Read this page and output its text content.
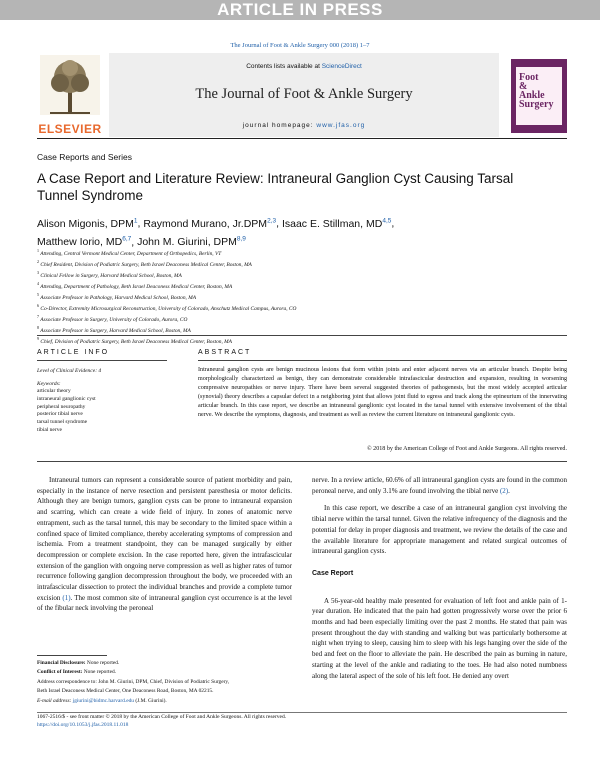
ARTICLE IN PRESS
The Journal of Foot & Ankle Surgery 000 (2018) 1–7
ELSEVIER
Contents lists available at ScienceDirect
The Journal of Foot & Ankle Surgery
journal homepage: www.jfas.org
Foot
&
Ankle
Surgery
Case Reports and Series
A Case Report and Literature Review: Intraneural Ganglion Cyst Causing Tarsal Tunnel Syndrome
Alison Migonis, DPM$^1$, Raymond Murano, Jr.DPM$^{2,3}$, Isaac E. Stillman, MD$^{4,5}$,
Matthew Iorio, MD$^{6,7}$, John M. Giurini, DPM$^{8,9}$
$^1$ Attending, Central Vermont Medical Center, Department of Orthopedics, Berlin, VT
$^2$ Chief Resident, Division of Podiatric Surgery, Beth Israel Deaconess Medical Center, Boston, MA
$^3$ Clinical Fellow in Surgery, Harvard Medical School, Boston, MA
$^4$ Attending, Department of Pathology, Beth Israel Deaconess Medical Center, Boston, MA
$^5$ Associate Professor in Pathology, Harvard Medical School, Boston, MA
$^6$ Co-Director, Extremity Microsurgical Reconstruction, University of Colorado, Anschutz Medical Campus, Aurora, CO
$^7$ Associate Professor in Surgery, University of Colorado, Aurora, CO
$^8$ Associate Professor in Surgery, Harvard Medical School, Boston, MA
$^9$ Chief, Division of Podiatric Surgery, Beth Israel Deaconess Medical Center, Boston, MA
ARTICLE INFO
Level of Clinical Evidence: 4
Keywords:
articular theory
intraneural ganglionic cyst
peripheral neuropathy
posterior tibial nerve
tarsal tunnel syndrome
tibial nerve
ABSTRACT
Intraneural ganglion cysts are benign mucinous lesions that form within joints and enter adjacent nerves via an articular branch. Despite being morphologically characterized as benign, they can demonstrate considerable intrafascicular destruction and expansion, resulting in worsening compressive neuropathies or nerve injury. There have been several suggested theories of pathogenesis, but the most widely accepted articular (synovial) theory describes a capsular defect in a neighboring joint that allows joint fluid to egress and track along the epineurium of the innervating articular branch. In this case report, we describe an intraneural ganglionic cyst located in the tarsal tunnel with extensive involvement of the tibial nerve. We describe the symptoms, diagnosis, and treatment as well as review the current literature on intraneural ganglionic cysts.
© 2018 by the American College of Foot and Ankle Surgeons. All rights reserved.

Intraneural tumors can represent a considerable source of patient morbidity and pain, especially in the instance of nerve resection and persistent paresthesia or motor deficits. Although they are benign tumors, ganglion cysts can be prone to intraneural expansion and scarring, which can create a wide field of injury. In zones of anatomic nerve entrapment, such as the tarsal tunnel, this may be secondary to the limited space within a confined space of limited compliance, thereby accelerating symptoms of compression and ischemia. From a treatment standpoint, they can be managed surgically by either decompression or complete excision. In the case reported here, given the intrafascicular extension of the ganglion with ongoing nerve compression as well as higher rates of tumor recurrence following ganglion decompression throughout the body, we proceeded with an intrafascicular dissection to protect the individual branches and provide a complete tumor excision (1). The most common site of intraneural ganglion cyst occurrence is at the level of the fibular neck involving the peroneal

nerve. In a review article, 60.6% of all intraneural ganglion cysts are found in the common peroneal nerve, and only 3.1% are found involving the tibial nerve (2).

In this case report, we describe a case of an intraneural ganglion cyst involving the tibial nerve within the tarsal tunnel. Given the relative infrequency of the diagnosis and the potential for delay in proper diagnosis and treatment, we review the details of the case and the available literature for appropriate management and related surgical outcomes of intraneural ganglion cysts.

Case Report

A 56-year-old healthy male presented for evaluation of left foot and ankle pain of 1-year duration. He indicated that the pain had gotten progressively worse over the prior 6 months and had been especially limiting over the past 2 months. He stated that pain was present throughout the day with standing and walking but was particularly bothersome at night when trying to sleep, causing him to sleep with his legs hanging over the side of the bed and feet on the floor to alleviate the pain. He described the pain as burning in nature, starting at the level of the ankle and radiating to the toes. He had also noted numbness along the lateral aspect of the sole of his left foot. He denied any overt

Financial Disclosure: None reported.
Conflict of Interest: None reported.
Address correspondence to: John M. Giurini, DPM, Chief, Division of Podiatric Surgery,
Beth Israel Deaconess Medical Center, One Deaconess Road, Boston, MA 02215.
E-mail address: jgiurini@bidmc.harvard.edu (J.M. Giurini).
1067-2516/$ - see front matter © 2018 by the American College of Foot and Ankle Surgeons. All rights reserved.
https://doi.org/10.1053/j.jfas.2018.11.018
